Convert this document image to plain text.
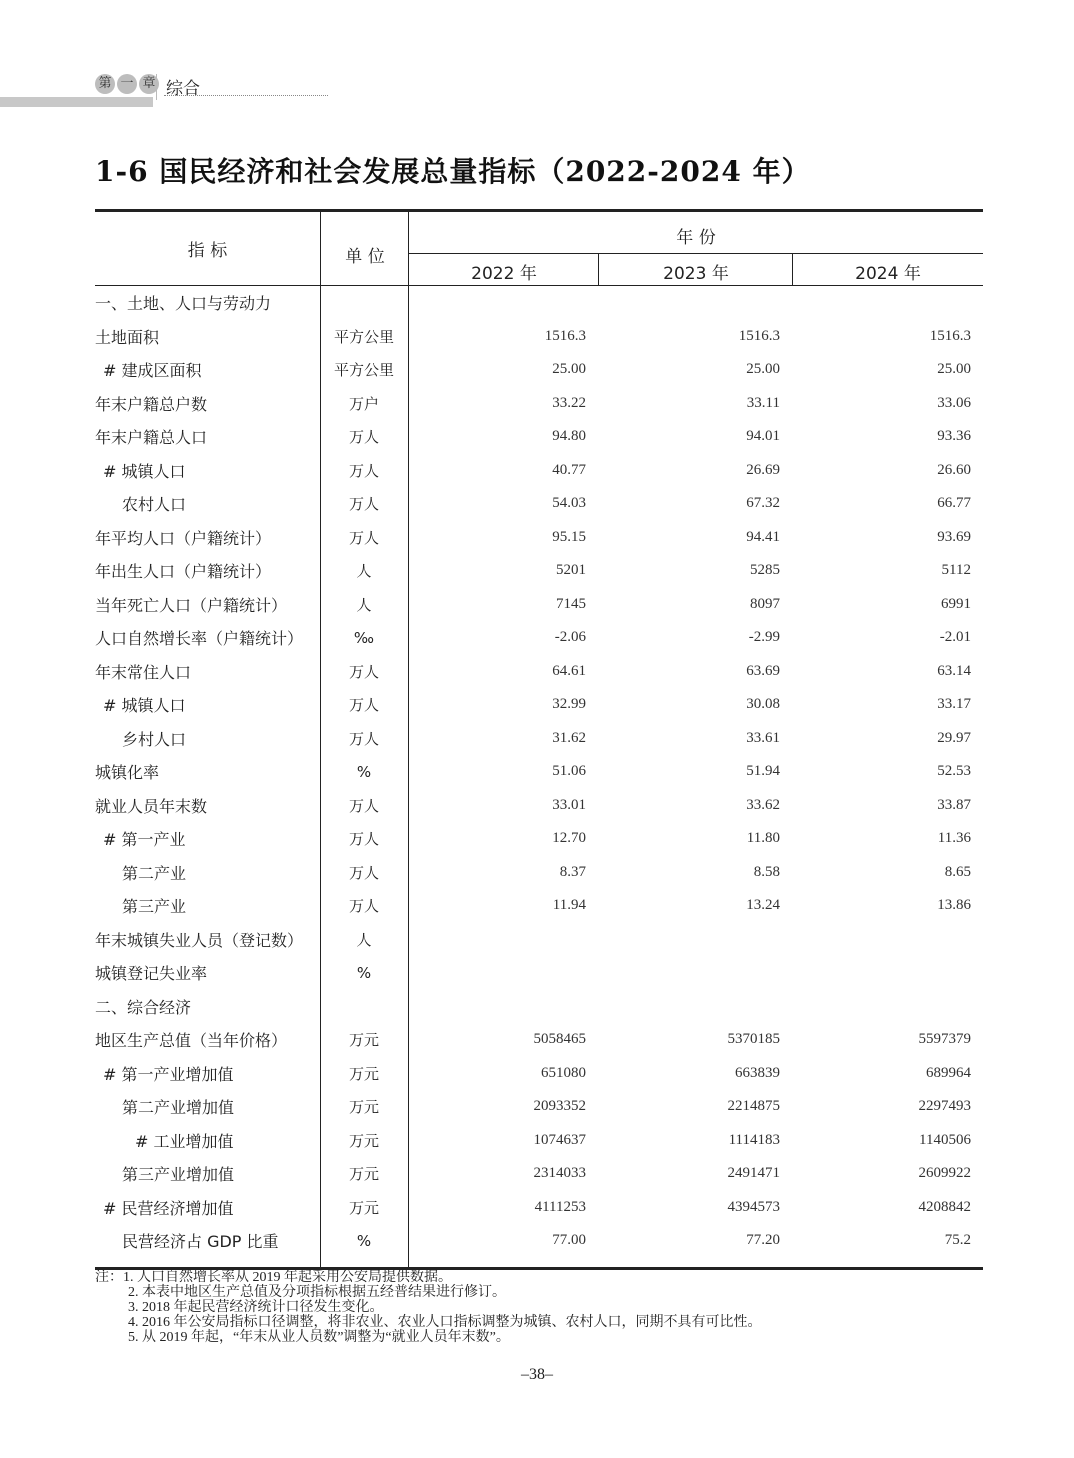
第 一 章 综合
1-6 国民经济和社会发展总量指标（2022-2024 年）
指 标	单 位
年 份
2022 年	2023 年	2024 年
一、土地、人口与劳动力
土地面积	平方公里	1516.3	1516.3	1516.3
# 建成区面积	平方公里	25.00	25.00	25.00
年末户籍总户数	万户	33.22	33.11	33.06
年末户籍总人口	万人	94.80	94.01	93.36
# 城镇人口	万人	40.77	26.69	26.60
农村人口	万人	54.03	67.32	66.77
年平均人口（户籍统计）	万人	95.15	94.41	93.69
年出生人口（户籍统计）	人	5201	5285	5112
当年死亡人口（户籍统计）	人	7145	8097	6991
人口自然增长率（户籍统计）	‰	-2.06	-2.99	-2.01
年末常住人口	万人	64.61	63.69	63.14
# 城镇人口	万人	32.99	30.08	33.17
乡村人口	万人	31.62	33.61	29.97
城镇化率	%	51.06	51.94	52.53
就业人员年末数	万人	33.01	33.62	33.87
# 第一产业	万人	12.70	11.80	11.36
第二产业	万人	8.37	8.58	8.65
第三产业	万人	11.94	13.24	13.86
年末城镇失业人员（登记数）	人
城镇登记失业率	%
二、综合经济
地区生产总值（当年价格）	万元	5058465	5370185	5597379
# 第一产业增加值	万元	651080	663839	689964
第二产业增加值	万元	2093352	2214875	2297493
# 工业增加值	万元	1074637	1114183	1140506
第三产业增加值	万元	2314033	2491471	2609922
# 民营经济增加值	万元	4111253	4394573	4208842
民营经济占 GDP 比重	%	77.00	77.20	75.2
注：1. 人口自然增长率从 2019 年起采用公安局提供数据。
2. 本表中地区生产总值及分项指标根据五经普结果进行修订。
3. 2018 年起民营经济统计口径发生变化。
4. 2016 年公安局指标口径调整，将非农业、农业人口指标调整为城镇、农村人口，同期不具有可比性。
5. 从 2019 年起，“年末从业人员数”调整为“就业人员年末数”。
–38–
